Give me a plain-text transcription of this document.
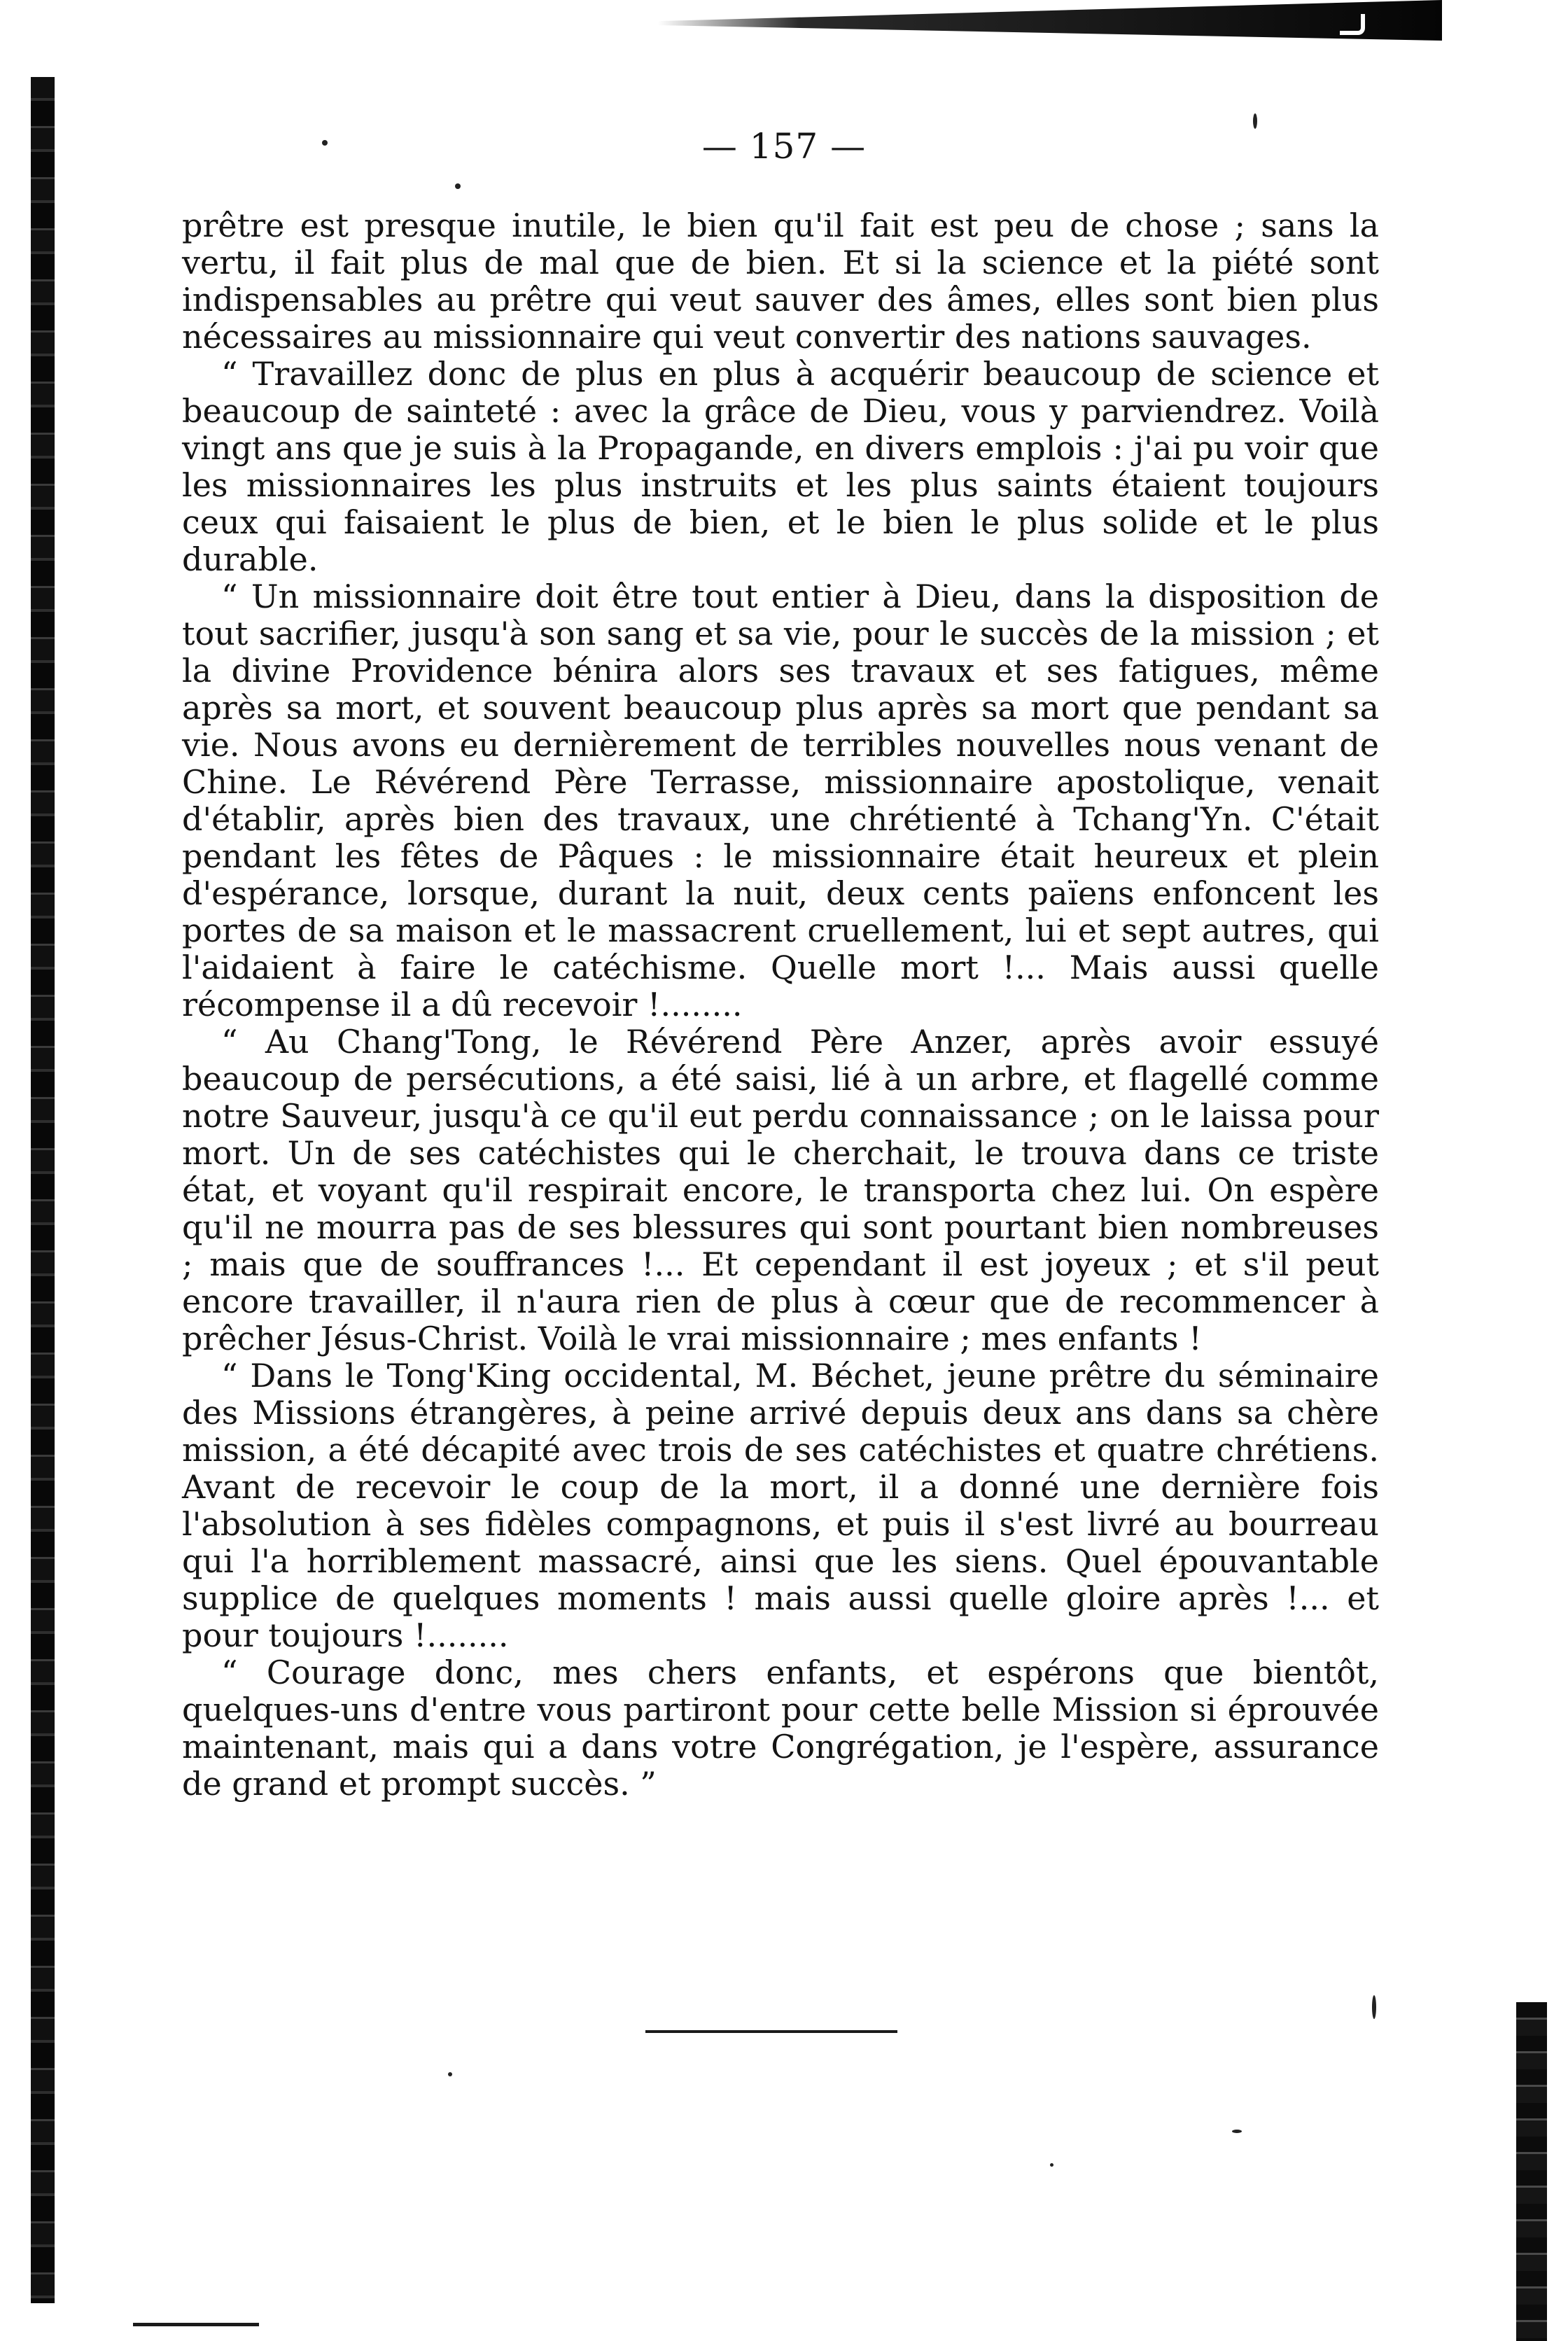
— 157 —

prêtre est presque inutile, le bien qu'il fait est peu de chose ; sans la vertu, il fait plus de mal que de bien. Et si la science et la piété sont indispensables au prêtre qui veut sauver des âmes, elles sont bien plus nécessaires au missionnaire qui veut convertir des nations sauvages.

“ Travaillez donc de plus en plus à acquérir beaucoup de science et beaucoup de sainteté : avec la grâce de Dieu, vous y parviendrez. Voilà vingt ans que je suis à la Propagande, en divers emplois : j'ai pu voir que les missionnaires les plus instruits et les plus saints étaient toujours ceux qui faisaient le plus de bien, et le bien le plus solide et le plus durable.

“ Un missionnaire doit être tout entier à Dieu, dans la disposition de tout sacrifier, jusqu'à son sang et sa vie, pour le succès de la mission ; et la divine Providence bénira alors ses travaux et ses fatigues, même après sa mort, et souvent beaucoup plus après sa mort que pendant sa vie. Nous avons eu dernièrement de terribles nouvelles nous venant de Chine. Le Révérend Père Terrasse, missionnaire apostolique, venait d'établir, après bien des travaux, une chrétienté à Tchang'Yn. C'était pendant les fêtes de Pâques : le missionnaire était heureux et plein d'espérance, lorsque, durant la nuit, deux cents païens enfoncent les portes de sa maison et le massacrent cruellement, lui et sept autres, qui l'aidaient à faire le catéchisme. Quelle mort !... Mais aussi quelle récompense il a dû recevoir !........

“ Au Chang'Tong, le Révérend Père Anzer, après avoir essuyé beaucoup de persécutions, a été saisi, lié à un arbre, et flagellé comme notre Sauveur, jusqu'à ce qu'il eut perdu connaissance ; on le laissa pour mort. Un de ses catéchistes qui le cherchait, le trouva dans ce triste état, et voyant qu'il respirait encore, le transporta chez lui. On espère qu'il ne mourra pas de ses blessures qui sont pourtant bien nombreuses ; mais que de souffrances !... Et cependant il est joyeux ; et s'il peut encore travailler, il n'aura rien de plus à cœur que de recommencer à prêcher Jésus-Christ. Voilà le vrai missionnaire ; mes enfants !

“ Dans le Tong'King occidental, M. Béchet, jeune prêtre du séminaire des Missions étrangères, à peine arrivé depuis deux ans dans sa chère mission, a été décapité avec trois de ses catéchistes et quatre chrétiens. Avant de recevoir le coup de la mort, il a donné une dernière fois l'absolution à ses fidèles compagnons, et puis il s'est livré au bourreau qui l'a horriblement massacré, ainsi que les siens. Quel épouvantable supplice de quelques moments ! mais aussi quelle gloire après !... et pour toujours !........

“ Courage donc, mes chers enfants, et espérons que bientôt, quelques-uns d'entre vous partiront pour cette belle Mission si éprouvée maintenant, mais qui a dans votre Congrégation, je l'espère, assurance de grand et prompt succès. ”
